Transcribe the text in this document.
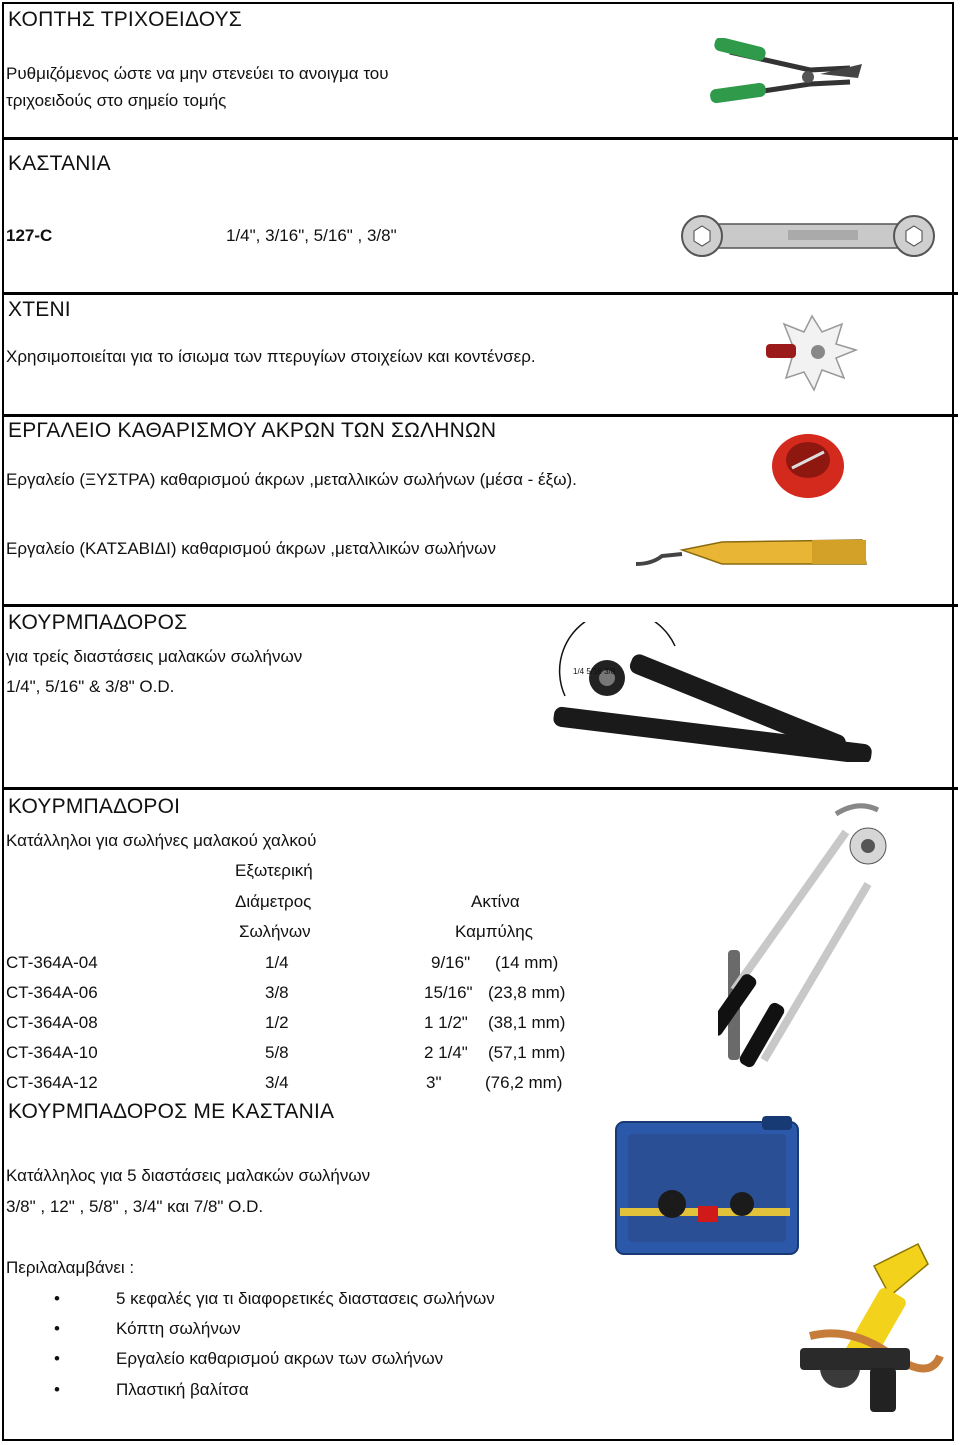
ΚΟΠΤΗΣ ΤΡΙΧΟΕΙΔΟΥΣ
Ρυθμιζόμενος ώστε να μην στενεύει το ανοιγμα του
τριχοειδούς στο σημείο τομής
ΚΑΣΤΑΝΙΑ
127-C	1/4", 3/16", 5/16" , 3/8"
ΧΤΕΝΙ
Χρησιμοποιείται για το ίσιωμα των πτερυγίων στοιχείων και κοντένσερ.
ΕΡΓΑΛΕΙΟ ΚΑΘΑΡΙΣΜΟΥ ΑΚΡΩΝ ΤΩΝ ΣΩΛΗΝΩΝ
Εργαλείο (ΞΥΣΤΡΑ) καθαρισμού άκρων ,μεταλλικών σωλήνων (μέσα - έξω).
Εργαλείο (ΚΑΤΣΑΒΙΔΙ) καθαρισμού άκρων ,μεταλλικών σωλήνων
ΚΟΥΡΜΠΑΔΟΡΟΣ
για τρείς διαστάσεις μαλακών σωλήνων
1/4", 5/16" & 3/8" O.D.
1/4 5/16 3/8
ΚΟΥΡΜΠΑΔΟΡΟΙ
Κατάλληλοι για σωλήνες μαλακού χαλκού
Εξωτερική
Διάμετρος
Σωλήνων
Ακτίνα
Καμπύλης
CT-364A-04	1/4	9/16" (14 mm)
CT-364A-06	3/8	15/16" (23,8 mm)
CT-364A-08	1/2	1 1/2" (38,1 mm)
CT-364A-10	5/8	2 1/4" (57,1 mm)
CT-364A-12	3/4	3"	(76,2 mm)
ΚΟΥΡΜΠΑΔΟΡΟΣ ΜΕ ΚΑΣΤΑΝΙΑ
Κατάλληλος για 5 διαστάσεις μαλακών σωλήνων
3/8" , 12" , 5/8" , 3/4" και 7/8" O.D.
Περιλαλαμβάνει :
•	5 κεφαλές για τι διαφορετικές διαστασεις σωλήνων
•	Κόπτη σωλήνων
•	Εργαλείο καθαρισμού ακρων των σωλήνων
•	Πλαστική βαλίτσα
